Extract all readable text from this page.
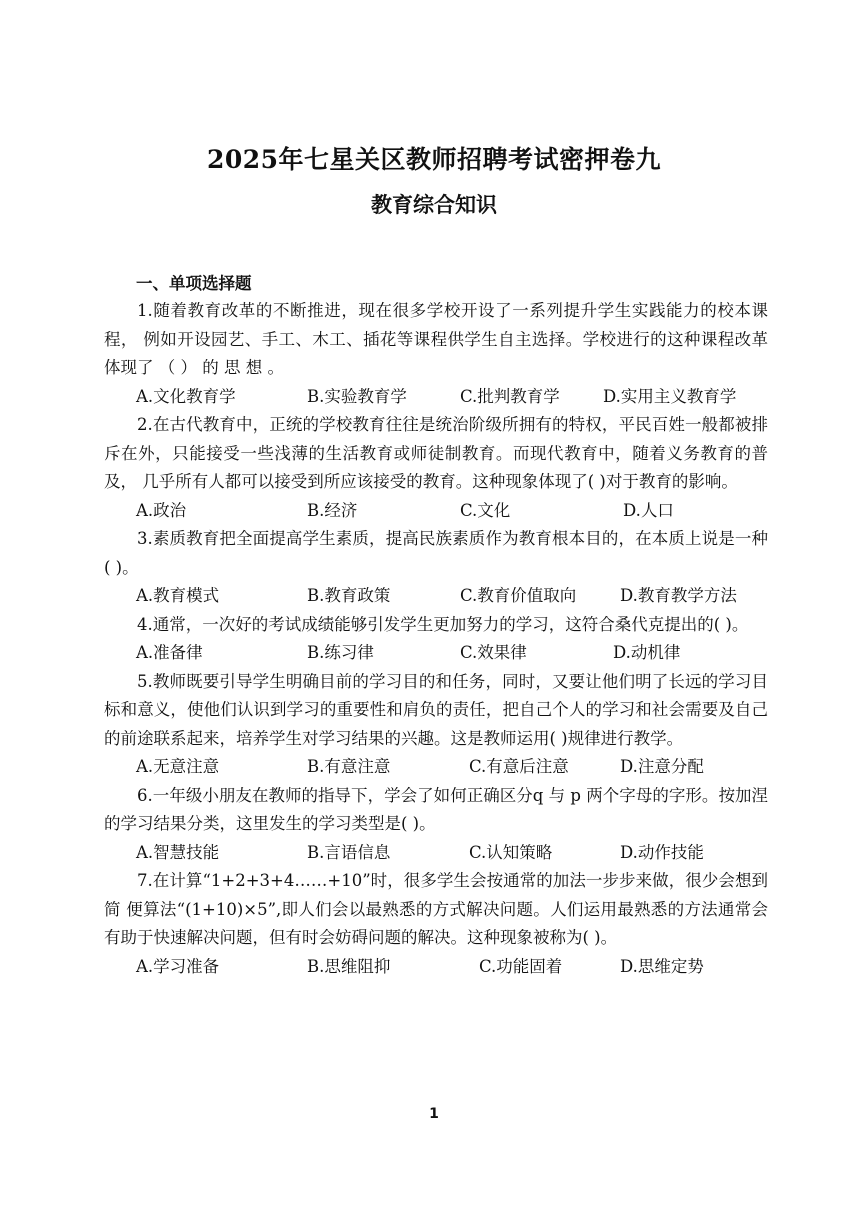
2025年七星关区教师招聘考试密押卷九
教育综合知识
一、单项选择题

1.随着教育改革的不断推进，现在很多学校开设了一系列提升学生实践能力的校本课程， 例如开设园艺、手工、木工、插花等课程供学生自主选择。学校进行的这种课程改革体现了 （ ） 的 思 想 。

A.文化教育学	B.实验教育学	C.批判教育学	D.实用主义教育学

2.在古代教育中，正统的学校教育往往是统治阶级所拥有的特权，平民百姓一般都被排 斥在外，只能接受一些浅薄的生活教育或师徒制教育。而现代教育中，随着义务教育的普及， 几乎所有人都可以接受到所应该接受的教育。这种现象体现了( )对于教育的影响。

A.政治	B.经济	C.文化	D.人口

3.素质教育把全面提高学生素质，提高民族素质作为教育根本目的，在本质上说是一种 ( )。

A.教育模式	B.教育政策	C.教育价值取向	D.教育教学方法

4.通常，一次好的考试成绩能够引发学生更加努力的学习，这符合桑代克提出的( )。

A.准备律	B.练习律	C.效果律	D.动机律

5.教师既要引导学生明确目前的学习目的和任务，同时，又要让他们明了长远的学习目 标和意义，使他们认识到学习的重要性和肩负的责任，把自己个人的学习和社会需要及自己 的前途联系起来，培养学生对学习结果的兴趣。这是教师运用( )规律进行教学。

A.无意注意	B.有意注意	C.有意后注意	D.注意分配

6.一年级小朋友在教师的指导下，学会了如何正确区分q 与 p 两个字母的字形。按加涅 的学习结果分类，这里发生的学习类型是( )。

A.智慧技能	B.言语信息	C.认知策略	D.动作技能

7.在计算“1+2+3+4……+10”时，很多学生会按通常的加法一步步来做，很少会想到简 便算法“(1+10)×5”,即人们会以最熟悉的方式解决问题。人们运用最熟悉的方法通常会 有助于快速解决问题，但有时会妨碍问题的解决。这种现象被称为( )。

A.学习准备	B.思维阻抑	C.功能固着	D.思维定势
1
